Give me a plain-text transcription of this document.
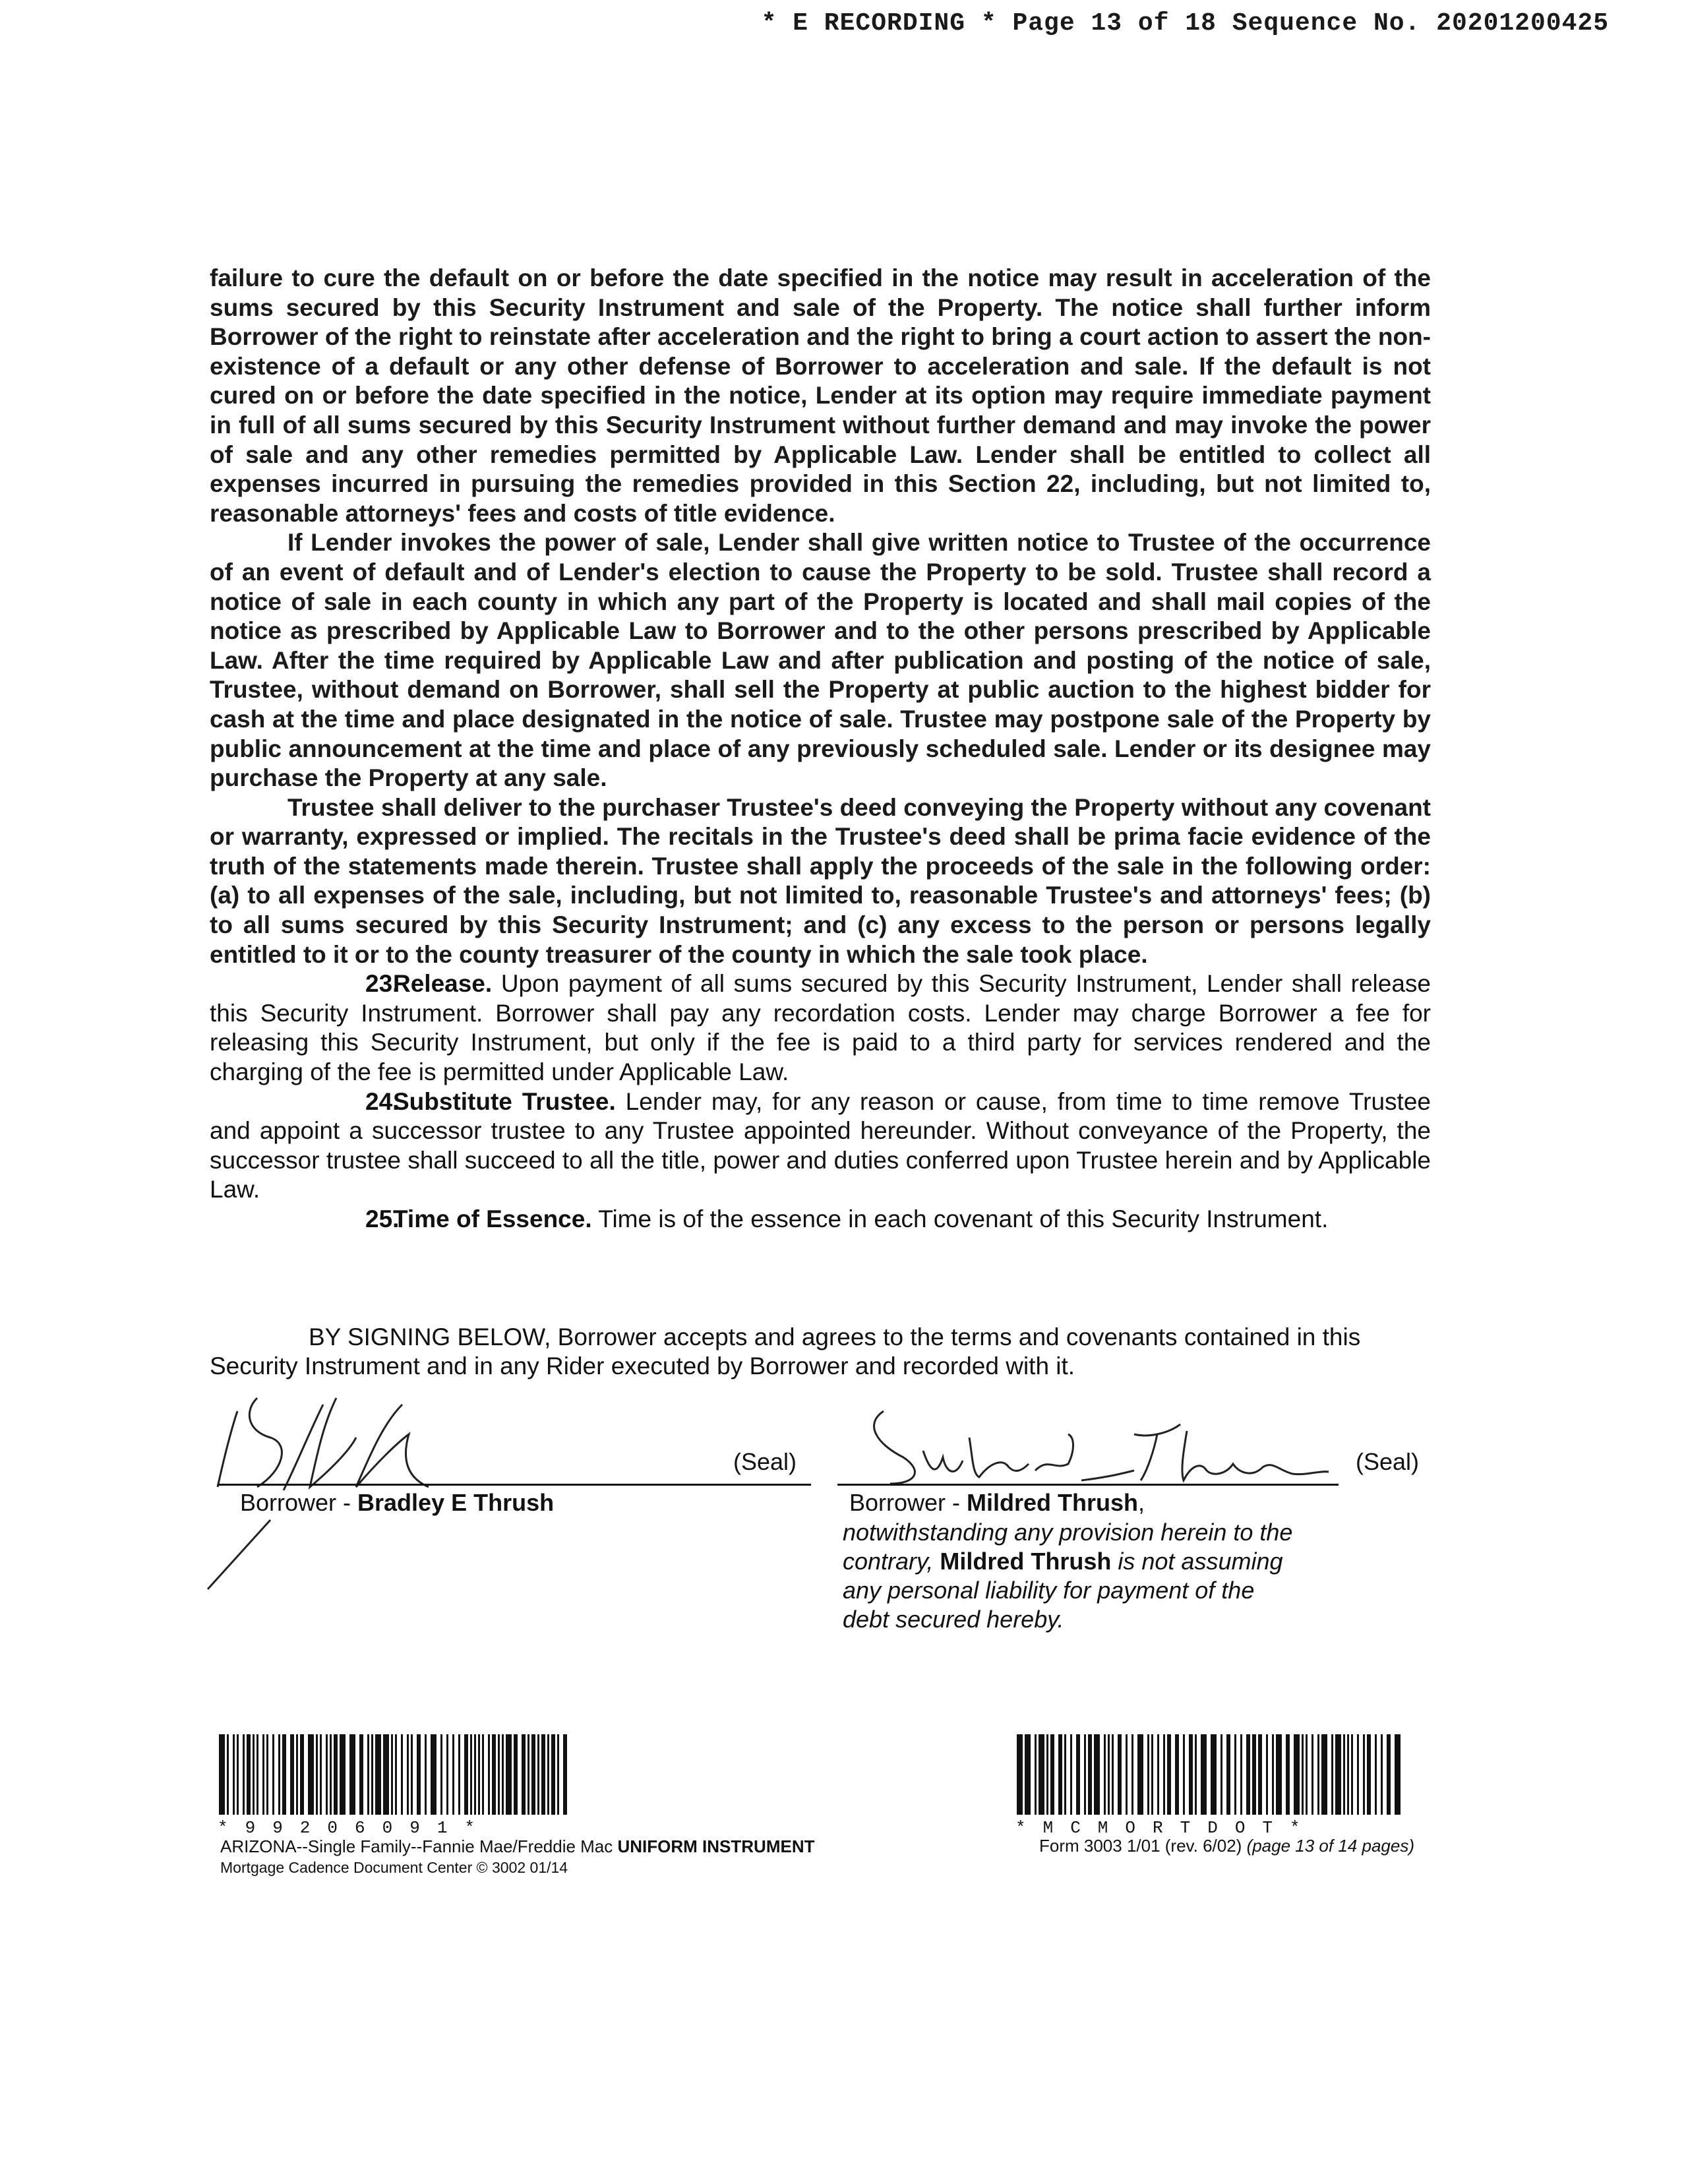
* E RECORDING * Page 13 of 18 Sequence No. 20201200425

failure to cure the default on or before the date specified in the notice may result in acceleration of the sums secured by this Security Instrument and sale of the Property. The notice shall further inform Borrower of the right to reinstate after acceleration and the right to bring a court action to assert the non-existence of a default or any other defense of Borrower to acceleration and sale. If the default is not cured on or before the date specified in the notice, Lender at its option may require immediate payment in full of all sums secured by this Security Instrument without further demand and may invoke the power of sale and any other remedies permitted by Applicable Law. Lender shall be entitled to collect all expenses incurred in pursuing the remedies provided in this Section 22, including, but not limited to, reasonable attorneys' fees and costs of title evidence.

If Lender invokes the power of sale, Lender shall give written notice to Trustee of the occurrence of an event of default and of Lender's election to cause the Property to be sold. Trustee shall record a notice of sale in each county in which any part of the Property is located and shall mail copies of the notice as prescribed by Applicable Law to Borrower and to the other persons prescribed by Applicable Law. After the time required by Applicable Law and after publication and posting of the notice of sale, Trustee, without demand on Borrower, shall sell the Property at public auction to the highest bidder for cash at the time and place designated in the notice of sale. Trustee may postpone sale of the Property by public announcement at the time and place of any previously scheduled sale. Lender or its designee may purchase the Property at any sale.

Trustee shall deliver to the purchaser Trustee's deed conveying the Property without any covenant or warranty, expressed or implied. The recitals in the Trustee's deed shall be prima facie evidence of the truth of the statements made therein. Trustee shall apply the proceeds of the sale in the following order: (a) to all expenses of the sale, including, but not limited to, reasonable Trustee's and attorneys' fees; (b) to all sums secured by this Security Instrument; and (c) any excess to the person or persons legally entitled to it or to the county treasurer of the county in which the sale took place.

23.Release. Upon payment of all sums secured by this Security Instrument, Lender shall release this Security Instrument. Borrower shall pay any recordation costs. Lender may charge Borrower a fee for releasing this Security Instrument, but only if the fee is paid to a third party for services rendered and the charging of the fee is permitted under Applicable Law.

24.Substitute Trustee. Lender may, for any reason or cause, from time to time remove Trustee and appoint a successor trustee to any Trustee appointed hereunder. Without conveyance of the Property, the successor trustee shall succeed to all the title, power and duties conferred upon Trustee herein and by Applicable Law.

25.Time of Essence. Time is of the essence in each covenant of this Security Instrument.

BY SIGNING BELOW, Borrower accepts and agrees to the terms and covenants contained in this Security Instrument and in any Rider executed by Borrower and recorded with it.

(Seal)
Borrower - Bradley E Thrush
(Seal)
Borrower - Mildred Thrush,
notwithstanding any provision herein to the contrary, Mildred Thrush is not assuming any personal liability for payment of the debt secured hereby.
*99206091*	*MCMORTDOT*
ARIZONA--Single Family--Fannie Mae/Freddie Mac UNIFORM INSTRUMENT
Mortgage Cadence Document Center © 3002 01/14
Form 3003 1/01 (rev. 6/02) (page 13 of 14 pages)
